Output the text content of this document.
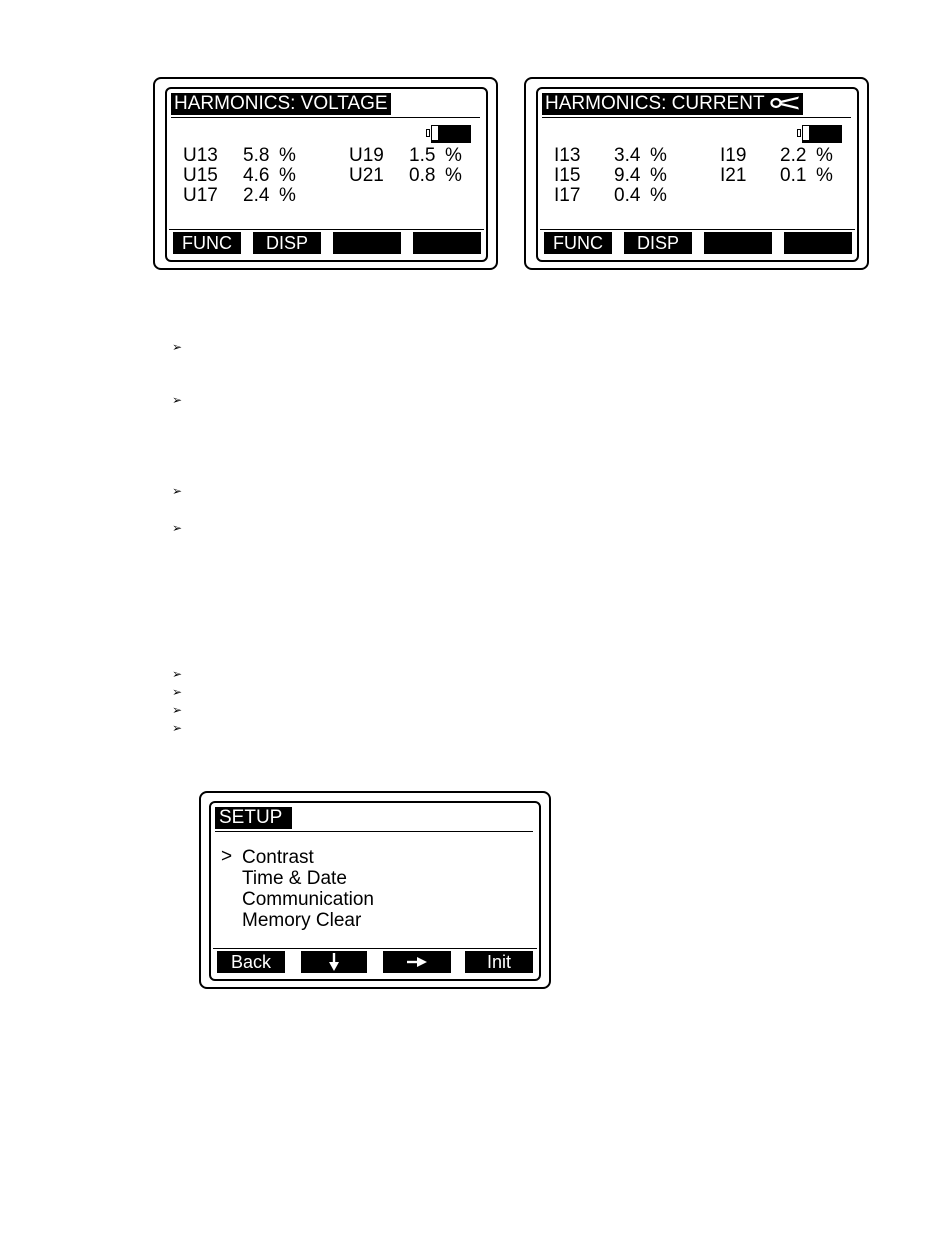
HARMONICS: VOLTAGE
U13 5.8 %
U15 4.6 %
U17 2.4 %
U19 1.5 %
U21 0.8 %
FUNC	DISP
HARMONICS: CURRENT
I13 3.4 %
I15 9.4 %
I17 0.4 %
I19 2.2 %
I21 0.1 %
FUNC	DISP
➢
➢
➢
➢
➢
➢
➢
➢
SETUP
> Contrast
Time & Date
Communication
Memory Clear
Back	Init
